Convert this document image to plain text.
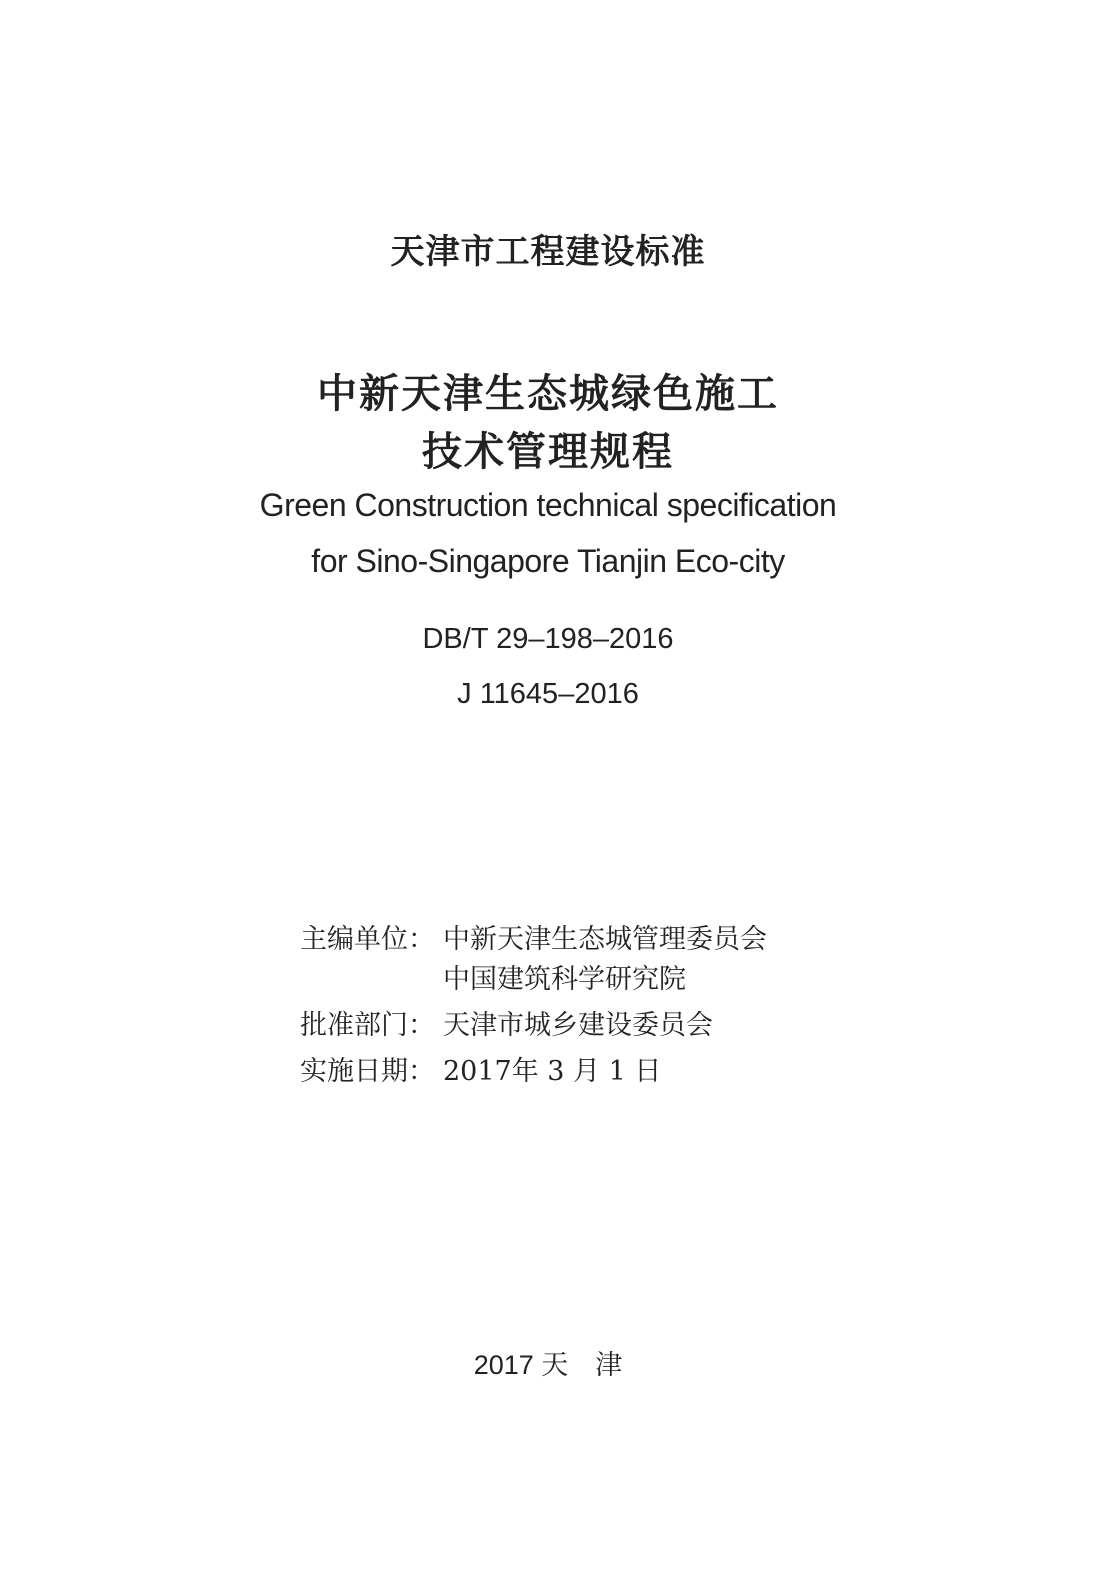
天津市工程建设标准
中新天津生态城绿色施工
技术管理规程
Green Construction technical specification
for Sino-Singapore Tianjin Eco-city
DB/T 29–198–2016
J 11645–2016
主编单位： 中新天津生态城管理委员会
中国建筑科学研究院
批准部门： 天津市城乡建设委员会
实施日期： 2017年 3 月 1 日
2017 天　津
